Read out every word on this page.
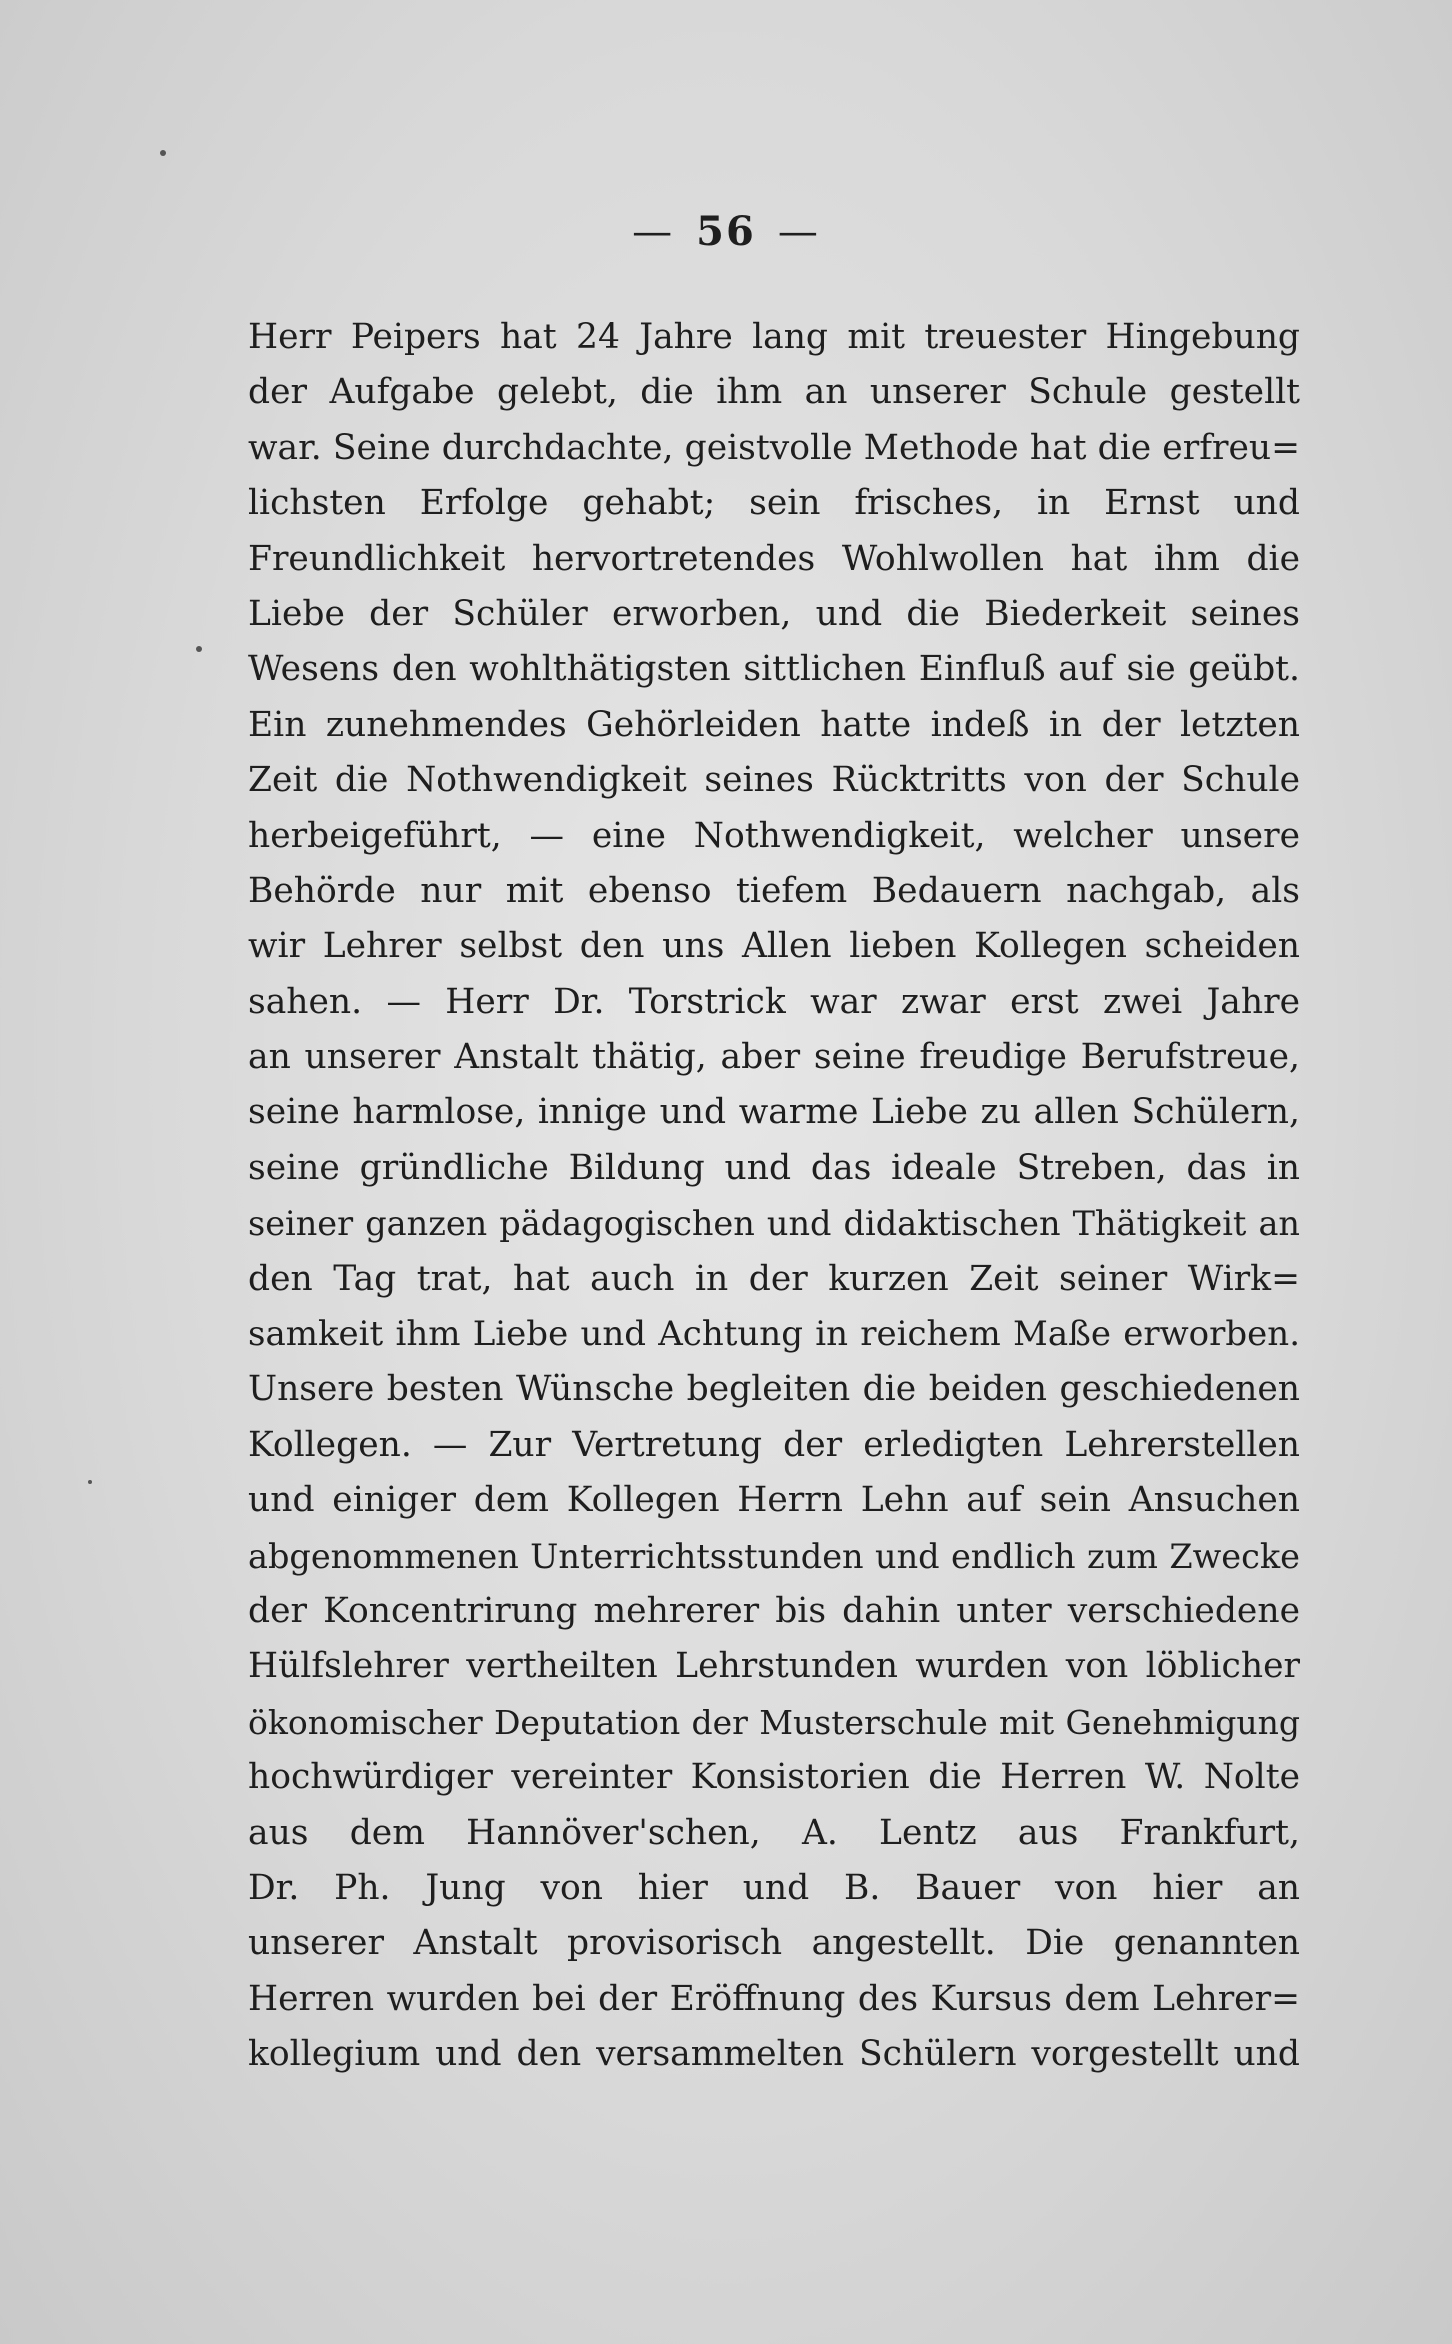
— 56 —
Herr Peipers hat 24 Jahre lang mit treuester Hingebung
der Aufgabe gelebt, die ihm an unserer Schule gestellt
war. Seine durchdachte, geistvolle Methode hat die erfreu=
lichsten Erfolge gehabt; sein frisches, in Ernst und
Freundlichkeit hervortretendes Wohlwollen hat ihm die
Liebe der Schüler erworben, und die Biederkeit seines
Wesens den wohlthätigsten sittlichen Einfluß auf sie geübt.
Ein zunehmendes Gehörleiden hatte indeß in der letzten
Zeit die Nothwendigkeit seines Rücktritts von der Schule
herbeigeführt, — eine Nothwendigkeit, welcher unsere
Behörde nur mit ebenso tiefem Bedauern nachgab, als
wir Lehrer selbst den uns Allen lieben Kollegen scheiden
sahen. — Herr Dr. Torstrick war zwar erst zwei Jahre
an unserer Anstalt thätig, aber seine freudige Berufstreue,
seine harmlose, innige und warme Liebe zu allen Schülern,
seine gründliche Bildung und das ideale Streben, das in
seiner ganzen pädagogischen und didaktischen Thätigkeit an
den Tag trat, hat auch in der kurzen Zeit seiner Wirk=
samkeit ihm Liebe und Achtung in reichem Maße erworben.
Unsere besten Wünsche begleiten die beiden geschiedenen
Kollegen. — Zur Vertretung der erledigten Lehrerstellen
und einiger dem Kollegen Herrn Lehn auf sein Ansuchen
abgenommenen Unterrichtsstunden und endlich zum Zwecke
der Koncentrirung mehrerer bis dahin unter verschiedene
Hülfslehrer vertheilten Lehrstunden wurden von löblicher
ökonomischer Deputation der Musterschule mit Genehmigung
hochwürdiger vereinter Konsistorien die Herren W. Nolte
aus dem Hannöver'schen, A. Lentz aus Frankfurt,
Dr. Ph. Jung von hier und B. Bauer von hier an
unserer Anstalt provisorisch angestellt. Die genannten
Herren wurden bei der Eröffnung des Kursus dem Lehrer=
kollegium und den versammelten Schülern vorgestellt und
